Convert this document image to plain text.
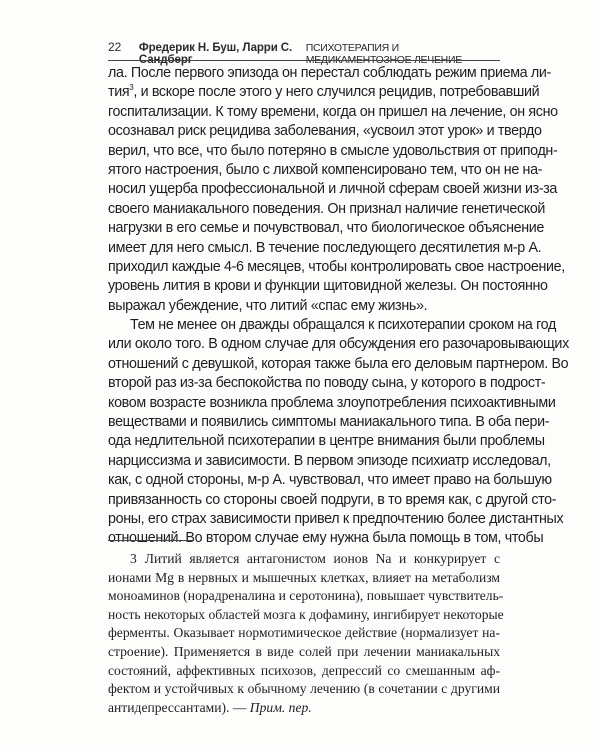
22	Фредерик Н. Буш, Ларри С. Сандберг
ПСИХОТЕРАПИЯ И МЕДИКАМЕНТОЗНОЕ ЛЕЧЕНИЕ
ла. После первого эпизода он перестал соблюдать режим приема ли-
тия$^3$, и вскоре после этого у него случился рецидив, потребовавший
госпитализации. К тому времени, когда он пришел на лечение, он ясно
осознавал риск рецидива заболевания, «усвоил этот урок» и твердо
верил, что все, что было потеряно в смысле удовольствия от приподн-
ятого настроения, было с лихвой компенсировано тем, что он не на-
носил ущерба профессиональной и личной сферам своей жизни из-за
своего маниакального поведения. Он признал наличие генетической
нагрузки в его семье и почувствовал, что биологическое объяснение
имеет для него смысл. В течение последующего десятилетия м-р А.
приходил каждые 4-6 месяцев, чтобы контролировать свое настроение,
уровень лития в крови и функции щитовидной железы. Он постоянно
выражал убеждение, что литий «спас ему жизнь».
Тем не менее он дважды обращался к психотерапии сроком на год
или около того. В одном случае для обсуждения его разочаровывающих
отношений с девушкой, которая также была его деловым партнером. Во
второй раз из-за беспокойства по поводу сына, у которого в подрост-
ковом возрасте возникла проблема злоупотребления психоактивными
веществами и появились симптомы маниакального типа. В оба пери-
ода недлительной психотерапии в центре внимания были проблемы
нарциссизма и зависимости. В первом эпизоде психиатр исследовал,
как, с одной стороны, м-р А. чувствовал, что имеет право на большую
привязанность со стороны своей подруги, в то время как, с другой сто-
роны, его страх зависимости привел к предпочтению более дистантных
отношений. Во втором случае ему нужна была помощь в том, чтобы
3 Литий является антагонистом ионов Na и конкурирует с
ионами Mg в нервных и мышечных клетках, влияет на метаболизм
моноаминов (норадреналина и серотонина), повышает чувствитель-
ность некоторых областей мозга к дофамину, ингибирует некоторые
ферменты. Оказывает нормотимическое действие (нормализует на-
строение). Применяется в виде солей при лечении маниакальных
состояний, аффективных психозов, депрессий со смешанным аф-
фектом и устойчивых к обычному лечению (в сочетании с другими
антидепрессантами). — Прим. пер.
